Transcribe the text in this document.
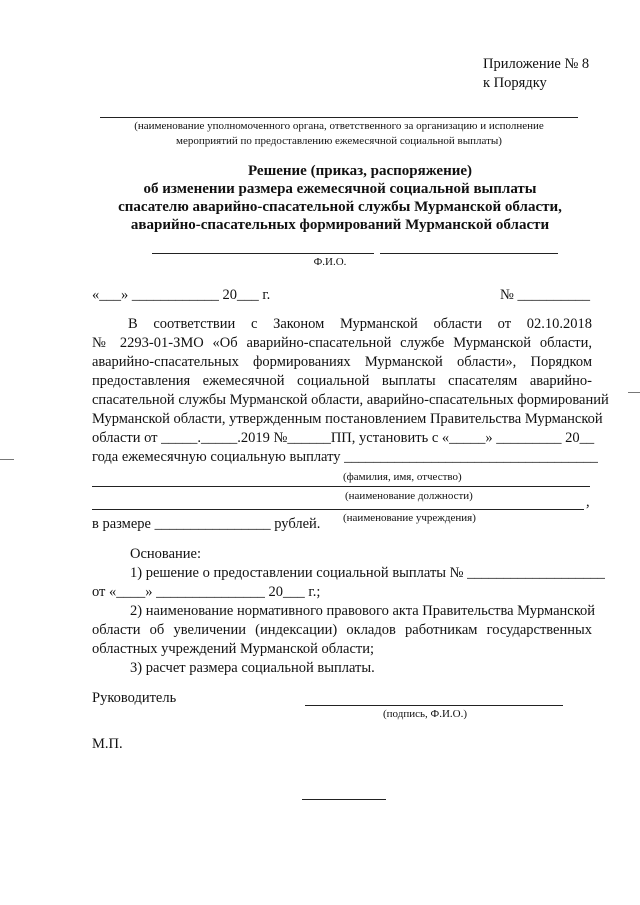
Приложение № 8
к Порядку
(наименование уполномоченного органа, ответственного за организацию и исполнение
мероприятий по предоставлению ежемесячной социальной выплаты)
Решение (приказ, распоряжение)
об изменении размера ежемесячной социальной выплаты
спасателю аварийно-спасательной службы Мурманской области,
аварийно-спасательных формирований Мурманской области
Ф.И.О.
«___» ____________ 20___ г.	№ __________
В соответствии с Законом Мурманской области от 02.10.2018
№ 2293-01-ЗМО «Об аварийно-спасательной службе Мурманской области,
аварийно-спасательных формированиях Мурманской области», Порядком
предоставления ежемесячной социальной выплаты спасателям аварийно-
спасательной службы Мурманской области, аварийно-спасательных формирований
Мурманской области, утвержденным постановлением Правительства Мурманской
области от _____._____.2019 №______ПП, установить с «_____» _________ 20__
года ежемесячную социальную выплату ___________________________________
(фамилия, имя, отчество)
(наименование должности)	,
(наименование учреждения)
в размере ________________ рублей.
Основание:
1) решение о предоставлении социальной выплаты № ___________________
от «____» _______________ 20___ г.;
2) наименование нормативного правового акта Правительства Мурманской
области об увеличении (индексации) окладов работникам государственных
областных учреждений Мурманской области;
3) расчет размера социальной выплаты.
Руководитель
(подпись, Ф.И.О.)
М.П.
